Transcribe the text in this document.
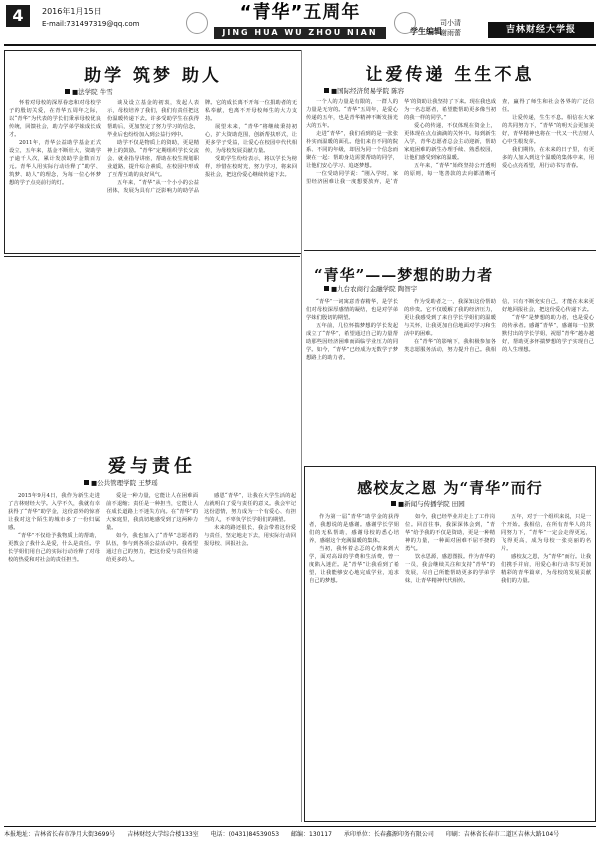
4	2016年1月15日
E-mail:731497319@qq.com
“青华”五周年
JING HUA WU ZHOU NIAN	学生编辑
司小清
谢雨蕾	吉林财经大学报
助学 筑梦 助人
■法学院 牛雪

怀着对母校的深厚眷恋和对母校学子的殷切关爱，在青华五周年之际，以“青华”为代表的学长们秉承母校优良传统，回馈社会，助力学弟学妹成长成才。

2011年，青华公益助学基金正式设立，五年来，基金不断壮大，资助学子逾千人次，累计发放助学金数百万元。青华人用实际行动诠释了“助学、筑梦、助人”的理念，为每一位心怀梦想的学子点亮前行的灯。

谈及设立基金的初衷，发起人表示，母校培养了我们，我们有责任把这份温暖传递下去。许多受助学生在获得帮助后，更加坚定了努力学习的信念，毕业后也纷纷加入到公益行列中。

助学不仅是物质上的资助，更是精神上的鼓励。“青华”定期组织学长交流会、就业指导讲座，帮助在校生规划职业道路，提升综合素质，在校园中形成了互帮互助的良好风气。

五年来，“青华”从一个小小的公益团体，发展为具有广泛影响力的助学品牌。它的成长离不开每一位捐助者的无私奉献，也离不开母校师生的大力支持。

展望未来，“青华”将继续秉持初心，扩大资助范围，创新帮扶形式，让更多学子受益，让爱心在校园中代代相传，为母校发展贡献力量。

受助学生纷纷表示，将以学长为榜样，珍惜在校时光，努力学习，将来回报社会，把这份爱心继续传递下去。

让爱传递 生生不息
■国际经济贸易学院 陈容

一个人的力量是有限的，一群人的力量是无穷的。“青华”五周年，是爱心传递的五年，也是青华精神不断发扬光大的五年。

走进“青华”，我们看到的是一张张朴实而温暖的面孔。他们来自不同的院系、不同的年级，却因为同一个信念而聚在一起：帮助身边需要帮助的同学，让他们安心学习、追逐梦想。

一位受助同学说：“刚入学时，家里经济困难让我一度想要放弃，是‘青华’的资助让我坚持了下来。现在我也成为一名志愿者，希望能帮助更多像当初的我一样的同学。”

爱心的传递，不仅体现在资金上，更体现在点点滴滴的关怀中。每到新生入学，青华志愿者总会主动迎新，帮助家庭困难的新生办理手续、熟悉校园，让他们感受到家的温暖。

五年来，“青华”始终坚持公开透明的原则，每一笔善款的去向都清晰可查，赢得了师生和社会各界的广泛信任。

让爱传递，生生不息。相信在大家的共同努力下，“青华”的明天会更加美好，青华精神也将在一代又一代吉财人心中生根发芽。

我们期待，在未来的日子里，有更多的人加入到这个温暖的集体中来，用爱心点亮希望，用行动书写青春。

“青华”——梦想的助力者
■九台农商行金融学院 陶智宇

“青华”一词寓意青春精华，是学长们对母校深厚感情的凝结，也是对学弟学妹们殷切的期望。

五年前，几位怀揣梦想的学长发起成立了“青华”，希望通过自己的力量帮助那些因经济困难而面临学业压力的同学。如今，“青华”已经成为无数学子梦想路上的助力者。

作为受助者之一，我深知这份帮助的珍贵。它不仅缓解了我的经济压力，更让我感受到了来自学长学姐们的温暖与关怀，让我更加自信地面对学习和生活中的困难。

在“青华”的影响下，我积极参加各类志愿服务活动，努力提升自己。我相信，只有不断充实自己，才能在未来更好地回报社会，把这份爱心传递下去。

“青华”是梦想的助力者，也是爱心的传承者。感谢“青华”，感谢每一位默默付出的学长学姐，祝愿“青华”越办越好，帮助更多怀揣梦想的学子实现自己的人生理想。

爱与责任
■公共管理学院 王梦瑶

2015年9月4日，我作为新生走进了吉林财经大学。入学不久，我就有幸获得了“青华”助学金，这份意外的惊喜让我对这个陌生的城市多了一份归属感。

“青华”不仅给予我物质上的帮助，更教会了我什么是爱，什么是责任。学长学姐们用自己的实际行动诠释了对母校的热爱和对社会的责任担当。

爱是一种力量，它能让人在困难面前不退缩；责任是一种担当，它能让人在成长道路上不迷失方向。在“青华”的大家庭里，我真切地感受到了这两种力量。

如今，我也加入了“青华”志愿者的队伍，参与到各项公益活动中。我希望通过自己的努力，把这份爱与责任传递给更多的人。

感恩“青华”，让我在大学生活的起点就明白了爱与责任的意义。我会牢记这份恩情，努力成为一个有爱心、有担当的人，不辜负学长学姐们的期望。

未来的路还很长，我会带着这份爱与责任，坚定地走下去，用实际行动回报母校、回报社会。

感校友之恩 为“青华”而行
■新闻与传播学院 田园

作为第一届“青华”助学金的获得者，我想说的是感谢。感谢学长学姐们的无私帮助，感谢母校的悉心培养，感谢这个充满温暖的集体。

当初，我怀着忐忑的心情来到大学，面对高昂的学费和生活费，曾一度陷入迷茫。是“青华”让我看到了希望，让我能够安心地完成学业，追求自己的梦想。

如今，我已经毕业并走上了工作岗位。回首往事，我深深体会到，“青华”给予我的不仅是资助，更是一种精神的力量，一种面对困难不屈不挠的勇气。

饮水思源，感恩图报。作为青华的一员，我会继续关注和支持“青华”的发展，尽自己所能帮助更多的学弟学妹，让青华精神代代相传。

五年，对于一个组织来说，只是一个开始。我相信，在所有青华人的共同努力下，“青华”一定会走得更远，飞得更高，成为母校一张亮丽的名片。

感校友之恩，为“青华”而行。让我们携手并肩，用爱心和行动书写更加精彩的青华篇章，为母校的发展贡献我们的力量。

本报地址：吉林省长春市净月大街3699号 吉林财经大学综合楼133室 电话：(0431)84539053 邮编：130117 承印单位：长春鑫源印务有限公司 印刷：吉林省长春市二道区吉林大路104号
